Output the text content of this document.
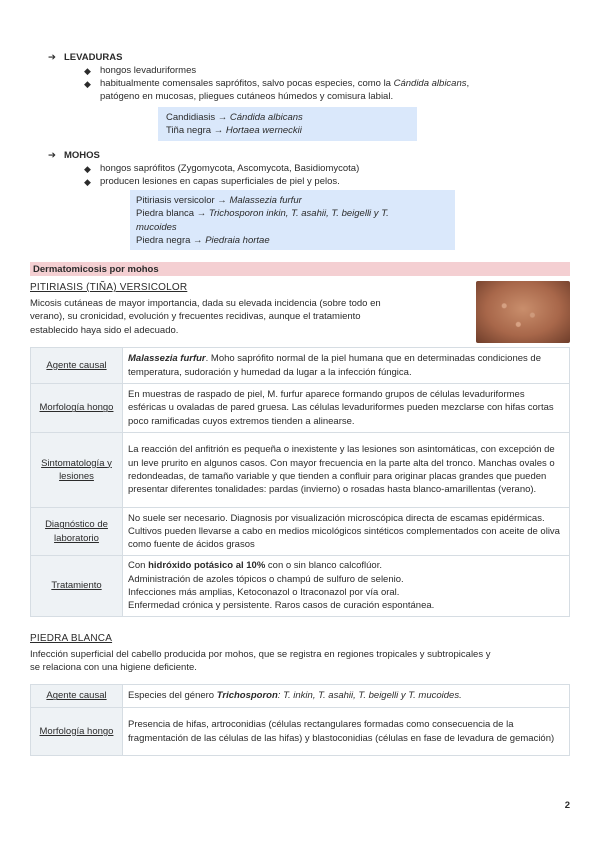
➔ LEVADURAS
◆ hongos levaduriformes
◆ habitualmente comensales saprófitos, salvo pocas especies, como la Cándida albicans,
patógeno en mucosas, pliegues cutáneos húmedos y comisura labial.
Candidiasis → Cándida albicans
Tiña negra → Hortaea werneckii
➔ MOHOS
◆ hongos saprófitos (Zygomycota, Ascomycota, Basidiomycota)
◆ producen lesiones en capas superficiales de piel y pelos.
Pitiriasis versicolor → Malassezia furfur
Piedra blanca → Trichosporon inkin, T. asahii, T. beigelli y T.
mucoides
Piedra negra → Piedraia hortae
Dermatomicosis por mohos
PITIRIASIS (TIÑA) VERSICOLOR
Micosis cutáneas de mayor importancia, dada su elevada incidencia (sobre todo en
verano), su cronicidad, evolución y frecuentes recidivas, aunque el tratamiento
establecido haya sido el adecuado.
Agente causal	Malassezia furfur. Moho saprófito normal de la piel humana que en determinadas condiciones de temperatura, sudoración y humedad da lugar a la infección fúngica.
Morfología hongo	En muestras de raspado de piel, M. furfur aparece formando grupos de células levaduriformes esféricas u ovaladas de pared gruesa. Las células levaduriformes pueden mezclarse con hifas cortas poco ramificadas cuyos extremos tienden a alinearse.
Sintomatología y lesiones	La reacción del anfitrión es pequeña o inexistente y las lesiones son asintomáticas, con excepción de un leve prurito en algunos casos. Con mayor frecuencia en la parte alta del tronco. Manchas ovales o redondeadas, de tamaño variable y que tienden a confluir para originar placas grandes que pueden presentar diferentes tonalidades: pardas (invierno) o rosadas hasta blanco-amarillentas (verano).
Diagnóstico de laboratorio	No suele ser necesario. Diagnosis por visualización microscópica directa de escamas epidérmicas. Cultivos pueden llevarse a cabo en medios micológicos sintéticos complementados con aceite de oliva como fuente de ácidos grasos
Tratamiento	Con hidróxido potásico al 10% con o sin blanco calcoflúor.
Administración de azoles tópicos o champú de sulfuro de selenio.
Infecciones más amplias, Ketoconazol o Itraconazol por vía oral.
Enfermedad crónica y persistente. Raros casos de curación espontánea.
PIEDRA BLANCA
Infección superficial del cabello producida por mohos, que se registra en regiones tropicales y subtropicales y
se relaciona con una higiene deficiente.
Agente causal	Especies del género Trichosporon: T. inkin, T. asahii, T. beigelli y T. mucoides.
Morfología hongo	Presencia de hifas, artroconidias (células rectangulares formadas como consecuencia de la fragmentación de las células de las hifas) y blastoconidias (células en fase de levadura de gemación)
2
